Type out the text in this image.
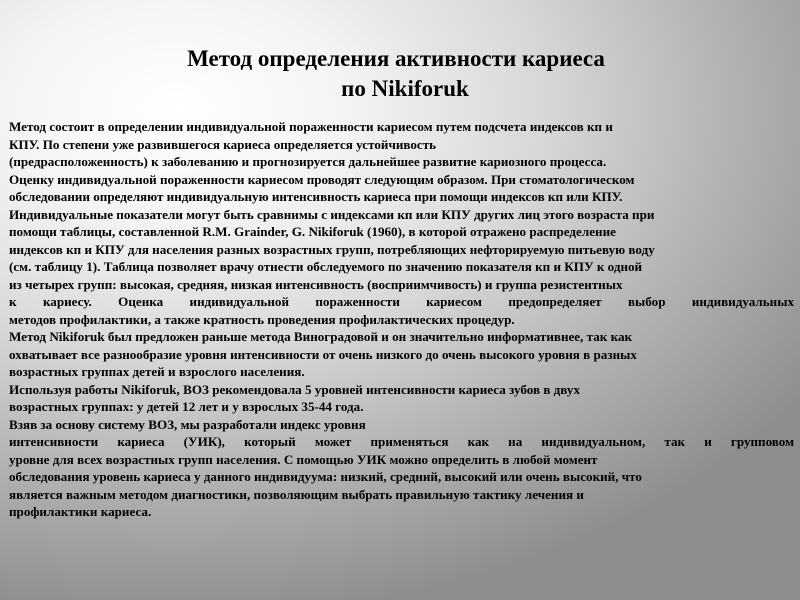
Метод определения активности кариеса
по Nikiforuk
Метод состоит в определении индивидуальной пораженности кариесом путем подсчета индексов кп и
КПУ. По степени уже развившегося кариеса определяется устойчивость
(предрасположенность) к заболеванию и прогнозируется дальнейшее развитие кариозного процесса.
Оценку индивидуальной пораженности кариесом проводят следующим образом. При стоматологическом
обследовании определяют индивидуальную интенсивность кариеса при помощи индексов кп или КПУ.
Индивидуальные показатели могут быть сравнимы с индексами кп или КПУ других лиц этого возраста при
помощи таблицы, составленной R.M. Grainder, G. Nikiforuk (1960), в которой отражено распределение
индексов кп и КПУ для населения разных возрастных групп, потребляющих нефторируемую питьевую воду
(см. таблицу 1). Таблица позволяет врачу отнести обследуемого по значению показателя кп и КПУ к одной
из четырех групп: высокая, средняя, низкая интенсивность (восприимчивость) и группа резистентных
к кариесу. Оценка индивидуальной пораженности кариесом предопределяет выбор индивидуальных
методов профилактики, а также кратность проведения профилактических процедур.
Метод Nikiforuk был предложен раньше метода Виноградовой и он значительно информативнее, так как
охватывает все разнообразие уровня интенсивности от очень низкого до очень высокого уровня в разных
возрастных группах детей и взрослого населения.
Используя работы Nikiforuk, ВОЗ рекомендовала 5 уровней интенсивности кариеса зубов в двух
возрастных группах: у детей 12 лет и у взрослых 35-44 года.
Взяв за основу систему ВОЗ, мы разработали индекс уровня
интенсивности кариеса (УИК), который может применяться как на индивидуальном, так и групповом
уровне для всех возрастных групп населения. С помощью УИК можно определить в любой момент
обследования уровень кариеса у данного индивидуума: низкий, средний, высокий или очень высокий, что
является важным методом диагностики, позволяющим выбрать правильную тактику лечения и
профилактики кариеса.
